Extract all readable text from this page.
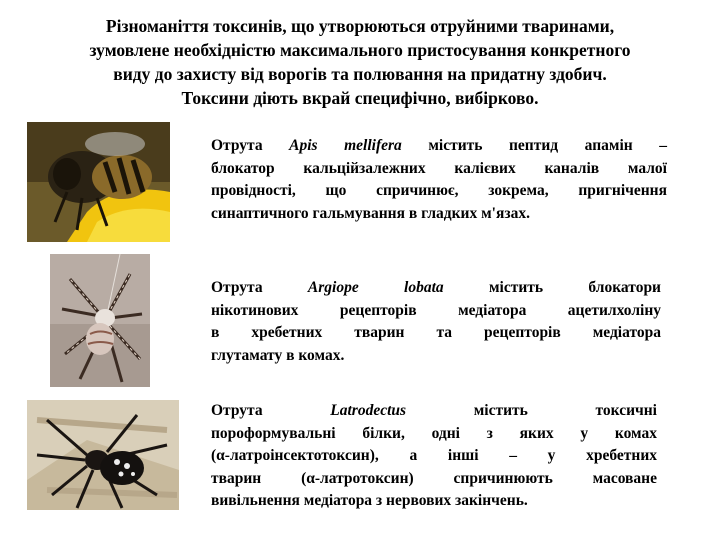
Різноманіття токсинів, що утворюються отруйними тваринами,
зумовлене необхідністю максимального пристосування конкретного
виду до захисту від ворогів та полювання на придатну здобич.
Токсини діють вкрай специфічно, вибірково.
Отрута Apis mellifera містить пептид апамін –
блокатор кальційзалежних калієвих каналів малої
провідності, що спричинює, зокрема, пригнічення
синаптичного гальмування в гладких м'язах.
Отрута Argiope lobata містить блокатори
нікотинових рецепторів медіатора ацетилхоліну
в хребетних тварин та рецепторів медіатора
глутамату в комах.
Отрута Latrodectus містить токсичні
пороформувальні білки, одні з яких у комах
(α-латроінсектотоксин), а інші – у хребетних
тварин (α-латротоксин) спричинюють масоване
вивільнення медіатора з нервових закінчень.
